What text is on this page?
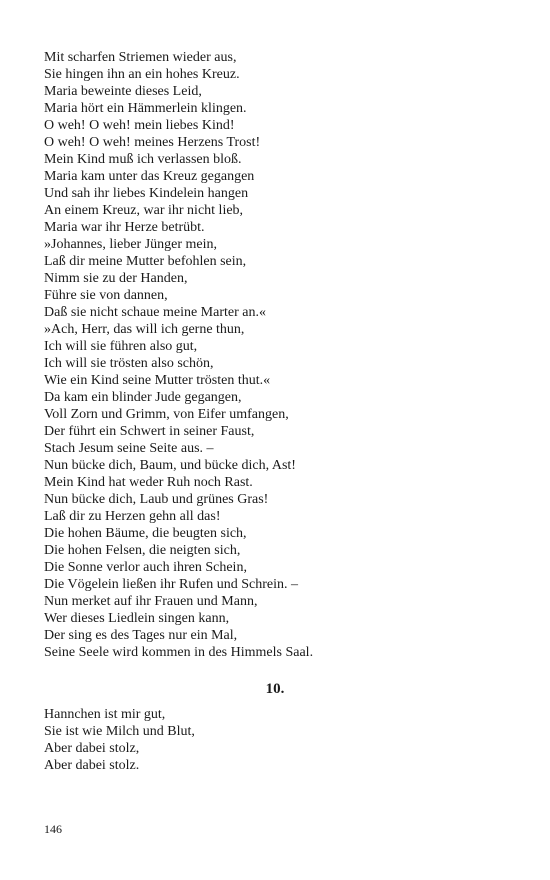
Mit scharfen Striemen wieder aus,
Sie hingen ihn an ein hohes Kreuz.
Maria beweinte dieses Leid,
Maria hört ein Hämmerlein klingen.
O weh! O weh! mein liebes Kind!
O weh! O weh! meines Herzens Trost!
Mein Kind muß ich verlassen bloß.
Maria kam unter das Kreuz gegangen
Und sah ihr liebes Kindelein hangen
An einem Kreuz, war ihr nicht lieb,
Maria war ihr Herze betrübt.
»Johannes, lieber Jünger mein,
Laß dir meine Mutter befohlen sein,
Nimm sie zu der Handen,
Führe sie von dannen,
Daß sie nicht schaue meine Marter an.«
»Ach, Herr, das will ich gerne thun,
Ich will sie führen also gut,
Ich will sie trösten also schön,
Wie ein Kind seine Mutter trösten thut.«
Da kam ein blinder Jude gegangen,
Voll Zorn und Grimm, von Eifer umfangen,
Der führt ein Schwert in seiner Faust,
Stach Jesum seine Seite aus. –
Nun bücke dich, Baum, und bücke dich, Ast!
Mein Kind hat weder Ruh noch Rast.
Nun bücke dich, Laub und grünes Gras!
Laß dir zu Herzen gehn all das!
Die hohen Bäume, die beugten sich,
Die hohen Felsen, die neigten sich,
Die Sonne verlor auch ihren Schein,
Die Vögelein ließen ihr Rufen und Schrein. –
Nun merket auf ihr Frauen und Mann,
Wer dieses Liedlein singen kann,
Der sing es des Tages nur ein Mal,
Seine Seele wird kommen in des Himmels Saal.
10.
Hannchen ist mir gut,
Sie ist wie Milch und Blut,
Aber dabei stolz,
Aber dabei stolz.
146
